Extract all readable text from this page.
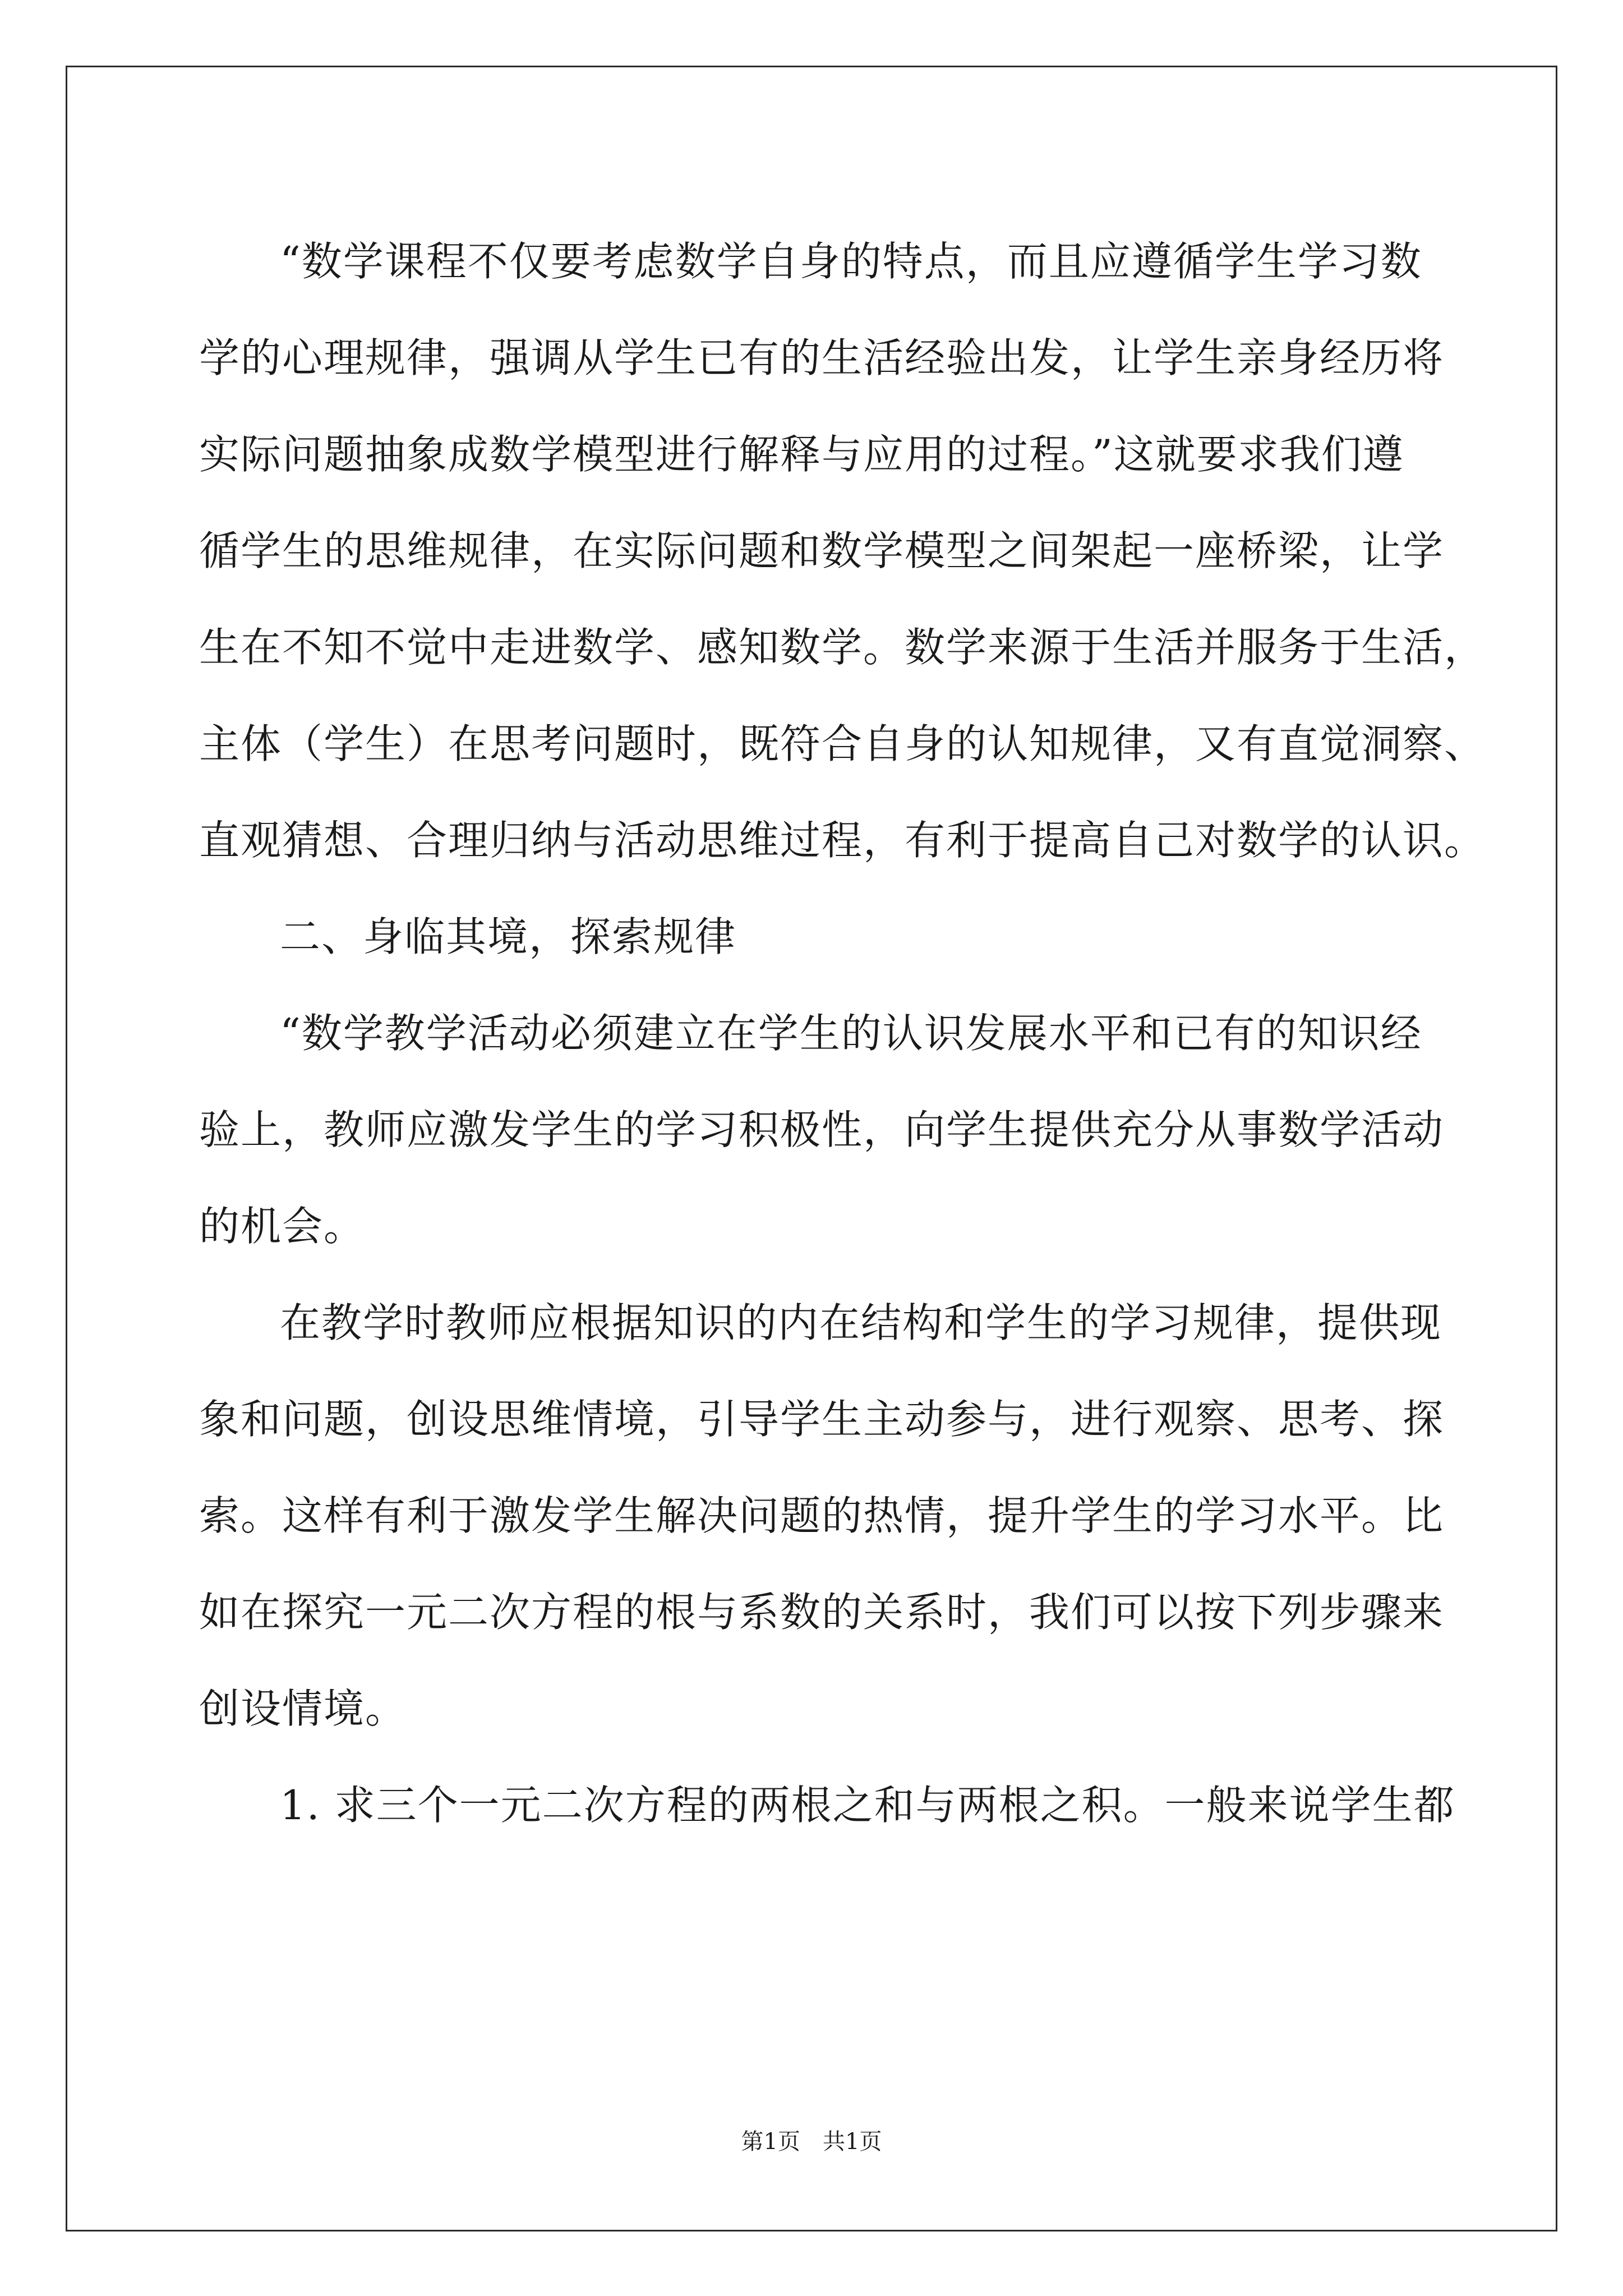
“数学课程不仅要考虑数学自身的特点，而且应遵循学生学习数
学的心理规律，强调从学生已有的生活经验出发，让学生亲身经历将
实际问题抽象成数学模型进行解释与应用的过程。”这就要求我们遵
循学生的思维规律，在实际问题和数学模型之间架起一座桥梁，让学
生在不知不觉中走进数学、感知数学。数学来源于生活并服务于生活，
主体（学生）在思考问题时，既符合自身的认知规律，又有直觉洞察、
直观猜想、合理归纳与活动思维过程，有利于提高自己对数学的认识。
二、身临其境，探索规律
“数学教学活动必须建立在学生的认识发展水平和已有的知识经
验上，教师应激发学生的学习积极性，向学生提供充分从事数学活动
的机会。
在教学时教师应根据知识的内在结构和学生的学习规律，提供现
象和问题，创设思维情境，引导学生主动参与，进行观察、思考、探
索。这样有利于激发学生解决问题的热情，提升学生的学习水平。比
如在探究一元二次方程的根与系数的关系时，我们可以按下列步骤来
创设情境。
1. 求三个一元二次方程的两根之和与两根之积。一般来说学生都
第1页　共1页
